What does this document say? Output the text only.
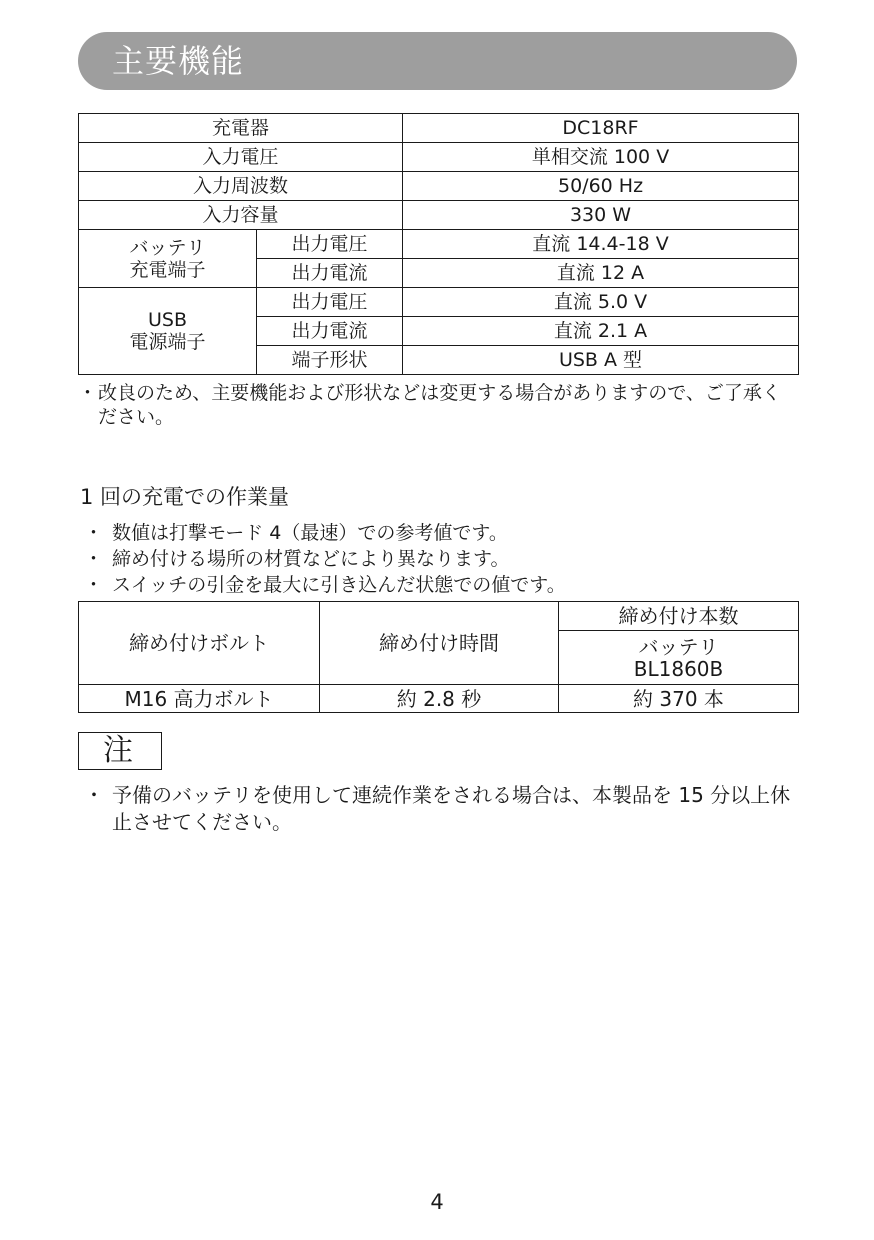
主要機能
充電器		DC18RF
入力電圧		単相交流 100 V
入力周波数		50/60 Hz
入力容量		330 W

バッテリ
充電端子	出力電圧	直流 14.4-18 V
	出力電流	直流 12 A

USB
電源端子	出力電圧	直流 5.0 V
	出力電流	直流 2.1 A
	端子形状	USB A 型
・ 改良のため、主要機能および形状などは変更する場合がありますので、ご了承ください。
1 回の充電での作業量
・ 数値は打撃モード 4（最速）での参考値です。
・ 締め付ける場所の材質などにより異なります。
・ スイッチの引金を最大に引き込んだ状態での値です。
締め付けボルト	締め付け時間	締め付け本数

		バッテリ
BL1860B

M16 高力ボルト	約 2.8 秒	約 370 本
注
・ 予備のバッテリを使用して連続作業をされる場合は、本製品を 15 分以上休止させてください。
4
